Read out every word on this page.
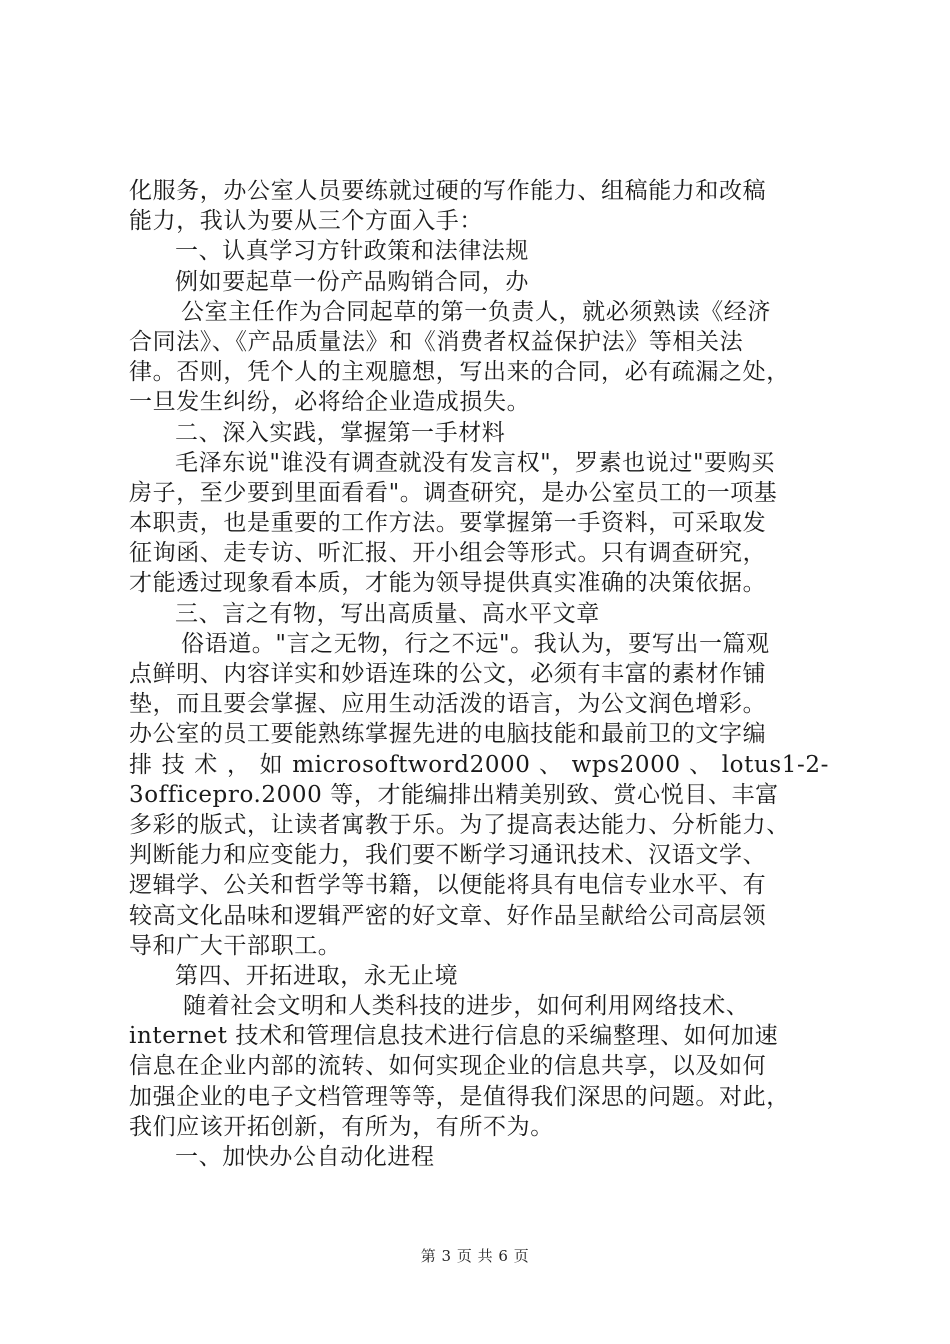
化服务，办公室人员要练就过硬的写作能力、组稿能力和改稿
能力，我认为要从三个方面入手：
一、认真学习方针政策和法律法规
例如要起草一份产品购销合同，办
公室主任作为合同起草的第一负责人，就必须熟读《经济
合同法》、《产品质量法》和《消费者权益保护法》等相关法
律。否则，凭个人的主观臆想，写出来的合同，必有疏漏之处，
一旦发生纠纷，必将给企业造成损失。
二、深入实践，掌握第一手材料
毛泽东说"谁没有调查就没有发言权"，罗素也说过"要购买
房子，至少要到里面看看"。调查研究，是办公室员工的一项基
本职责，也是重要的工作方法。要掌握第一手资料，可采取发
征询函、走专访、听汇报、开小组会等形式。只有调查研究，
才能透过现象看本质，才能为领导提供真实准确的决策依据。
三、言之有物，写出高质量、高水平文章
俗语道。"言之无物，行之不远"。我认为，要写出一篇观
点鲜明、内容详实和妙语连珠的公文，必须有丰富的素材作铺
垫，而且要会掌握、应用生动活泼的语言，为公文润色增彩。
办公室的员工要能熟练掌握先进的电脑技能和最前卫的文字编
排 技 术 ， 如 microsoftword2000 、 wps2000 、 lotus1-2-
3officepro.2000 等，才能编排出精美别致、赏心悦目、丰富
多彩的版式，让读者寓教于乐。为了提高表达能力、分析能力、
判断能力和应变能力，我们要不断学习通讯技术、汉语文学、
逻辑学、公关和哲学等书籍，以便能将具有电信专业水平、有
较高文化品味和逻辑严密的好文章、好作品呈献给公司高层领
导和广大干部职工。
第四、开拓进取，永无止境
随着社会文明和人类科技的进步，如何利用网络技术、
internet 技术和管理信息技术进行信息的采编整理、如何加速
信息在企业内部的流转、如何实现企业的信息共享，以及如何
加强企业的电子文档管理等等，是值得我们深思的问题。对此，
我们应该开拓创新，有所为，有所不为。
一、加快办公自动化进程
第 3 页 共 6 页
